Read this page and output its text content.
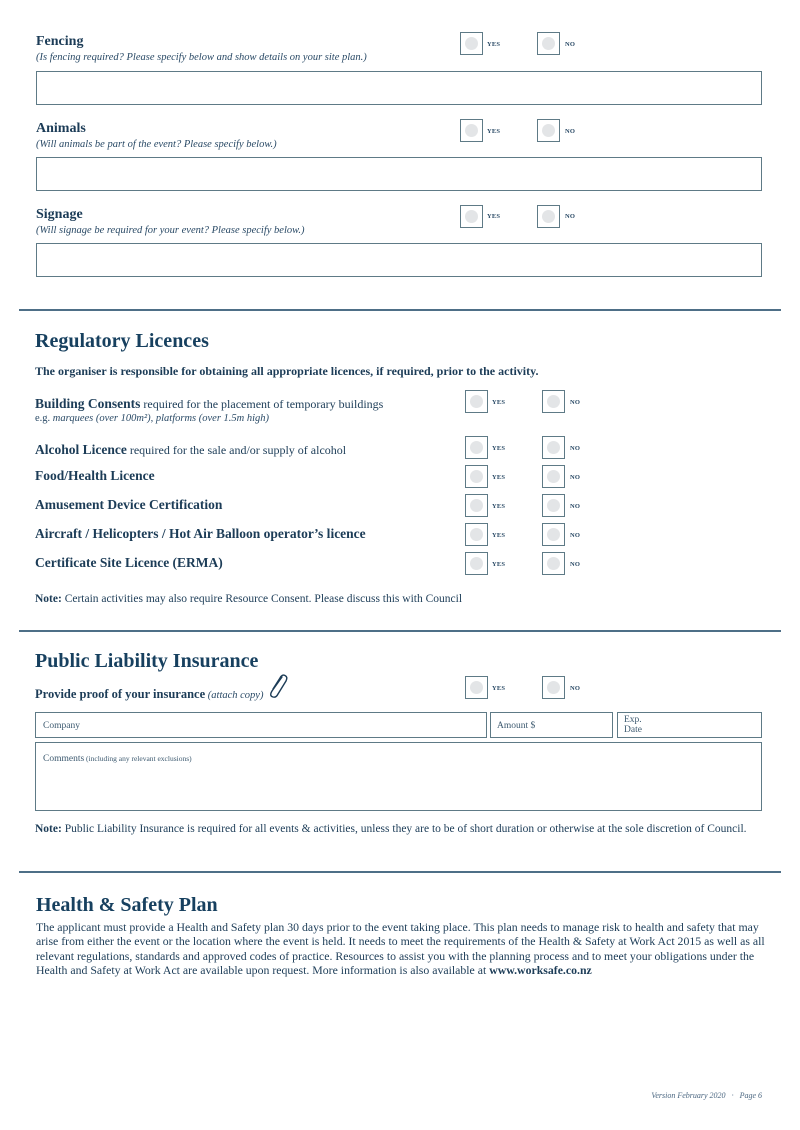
Fencing
(Is fencing required? Please specify below and show details on your site plan.)
YES	NO
Animals
(Will animals be part of the event? Please specify below.)
YES	NO
Signage
(Will signage be required for your event? Please specify below.)
YES	NO
Regulatory Licences
The organiser is responsible for obtaining all appropriate licences, if required, prior to the activity.
Building Consents required for the placement of temporary buildings
e.g. marquees (over 100m²), platforms (over 1.5m high)
YES	NO
Alcohol Licence required for the sale and/or supply of alcohol	YES	NO
Food/Health Licence	YES	NO
Amusement Device Certification	YES	NO
Aircraft / Helicopters / Hot Air Balloon operator’s licence	YES	NO
Certificate Site Licence (ERMA)	YES	NO
Note: Certain activities may also require Resource Consent. Please discuss this with Council
Public Liability Insurance
Provide proof of your insurance (attach copy)
YES	NO
Company	Amount $
Exp.
Date
Comments (including any relevant exclusions)
Note: Public Liability Insurance is required for all events & activities, unless they are to be of short duration or otherwise at the sole discretion of Council.
Health & Safety Plan
The applicant must provide a Health and Safety plan 30 days prior to the event taking place. This plan needs to manage risk to health and safety that may arise from either the event or the location where the event is held. It needs to meet the requirements of the Health & Safety at Work Act 2015 as well as all relevant regulations, standards and approved codes of practice. Resources to assist you with the planning process and to meet your obligations under the Health and Safety at Work Act are available upon request. More information is also available at www.worksafe.co.nz
Version February 2020 · Page 6
